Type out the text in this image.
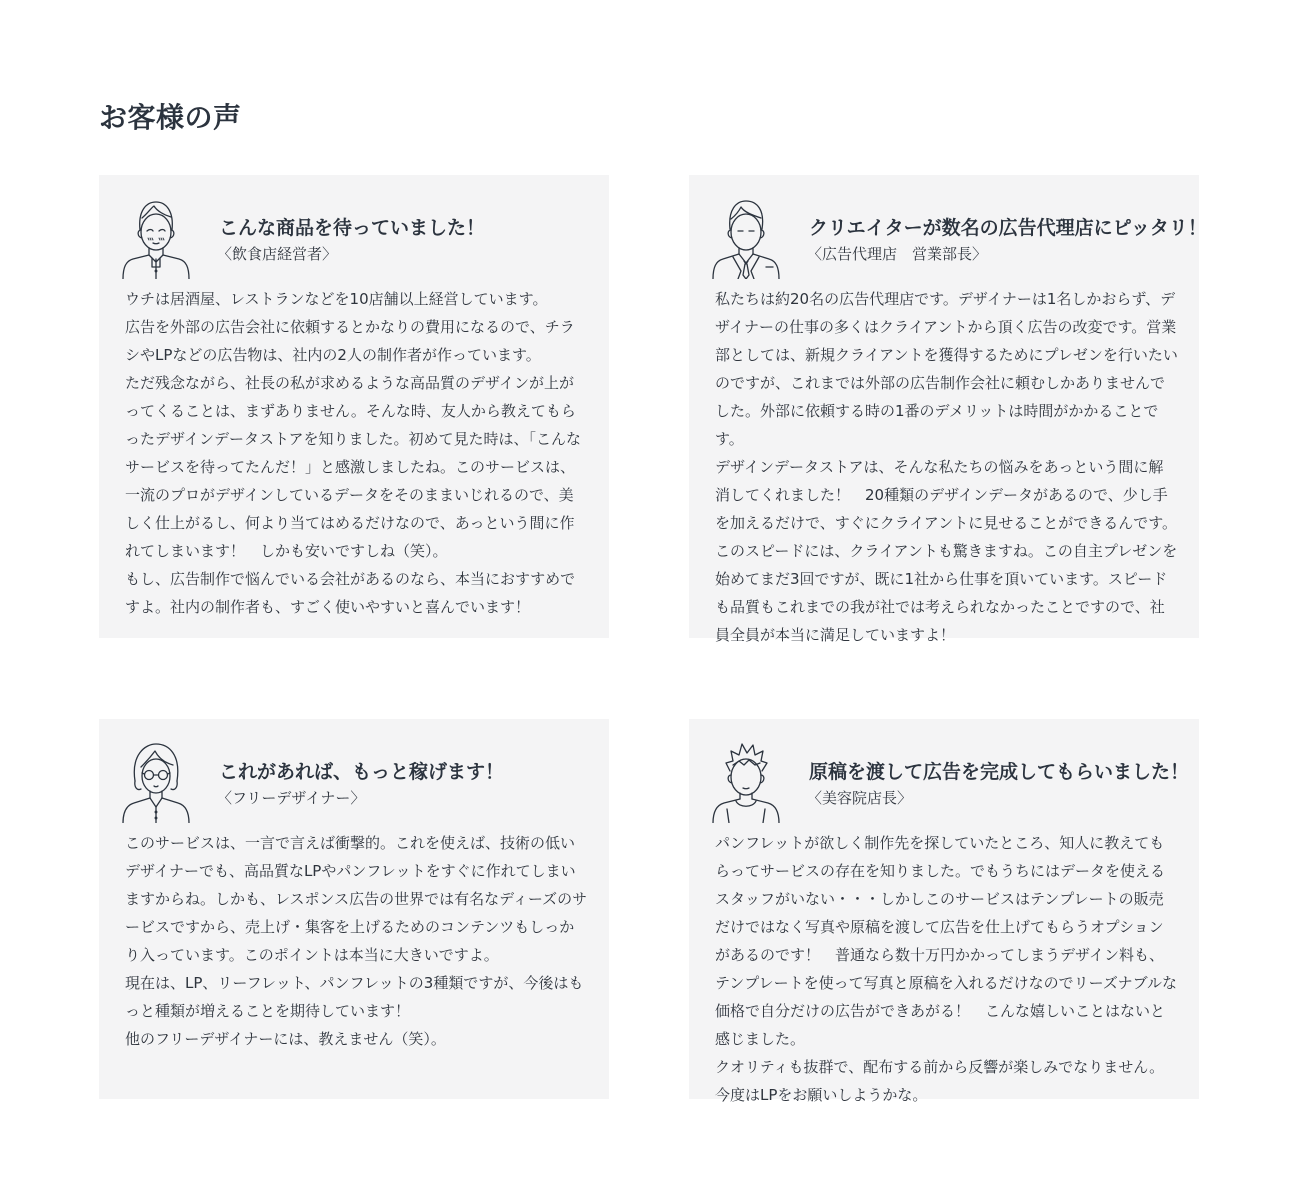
お客様の声
こんな商品を待っていました！
〈飲食店経営者〉

ウチは居酒屋、レストランなどを10店舗以上経営しています。

広告を外部の広告会社に依頼するとかなりの費用になるので、チラシやLPなどの広告物は、社内の2人の制作者が作っています。

ただ残念ながら、社長の私が求めるような高品質のデザインが上がってくることは、まずありません。そんな時、友人から教えてもらったデザインデータストアを知りました。初めて見た時は、「こんなサービスを待ってたんだ！」と感激しましたね。このサービスは、一流のプロがデザインしているデータをそのままいじれるので、美しく仕上がるし、何より当てはめるだけなので、あっという間に作れてしまいます！　しかも安いですしね（笑）。

もし、広告制作で悩んでいる会社があるのなら、本当におすすめですよ。社内の制作者も、すごく使いやすいと喜んでいます！

クリエイターが数名の広告代理店にピッタリ！
〈広告代理店　営業部長〉

私たちは約20名の広告代理店です。デザイナーは1名しかおらず、デザイナーの仕事の多くはクライアントから頂く広告の改変です。営業部としては、新規クライアントを獲得するためにプレゼンを行いたいのですが、これまでは外部の広告制作会社に頼むしかありませんでした。外部に依頼する時の1番のデメリットは時間がかかることです。

デザインデータストアは、そんな私たちの悩みをあっという間に解消してくれました！　20種類のデザインデータがあるので、少し手を加えるだけで、すぐにクライアントに見せることができるんです。このスピードには、クライアントも驚きますね。この自主プレゼンを始めてまだ3回ですが、既に1社から仕事を頂いています。スピードも品質もこれまでの我が社では考えられなかったことですので、社員全員が本当に満足していますよ！

これがあれば、もっと稼げます！
〈フリーデザイナー〉

このサービスは、一言で言えば衝撃的。これを使えば、技術の低いデザイナーでも、高品質なLPやパンフレットをすぐに作れてしまいますからね。しかも、レスポンス広告の世界では有名なディーズのサービスですから、売上げ・集客を上げるためのコンテンツもしっかり入っています。このポイントは本当に大きいですよ。

現在は、LP、リーフレット、パンフレットの3種類ですが、今後はもっと種類が増えることを期待しています！

他のフリーデザイナーには、教えません（笑）。

原稿を渡して広告を完成してもらいました！
〈美容院店長〉

パンフレットが欲しく制作先を探していたところ、知人に教えてもらってサービスの存在を知りました。でもうちにはデータを使えるスタッフがいない・・・しかしこのサービスはテンプレートの販売だけではなく写真や原稿を渡して広告を仕上げてもらうオプションがあるのです！　普通なら数十万円かかってしまうデザイン料も、テンプレートを使って写真と原稿を入れるだけなのでリーズナブルな価格で自分だけの広告ができあがる！　こんな嬉しいことはないと感じました。

クオリティも抜群で、配布する前から反響が楽しみでなりません。今度はLPをお願いしようかな。
